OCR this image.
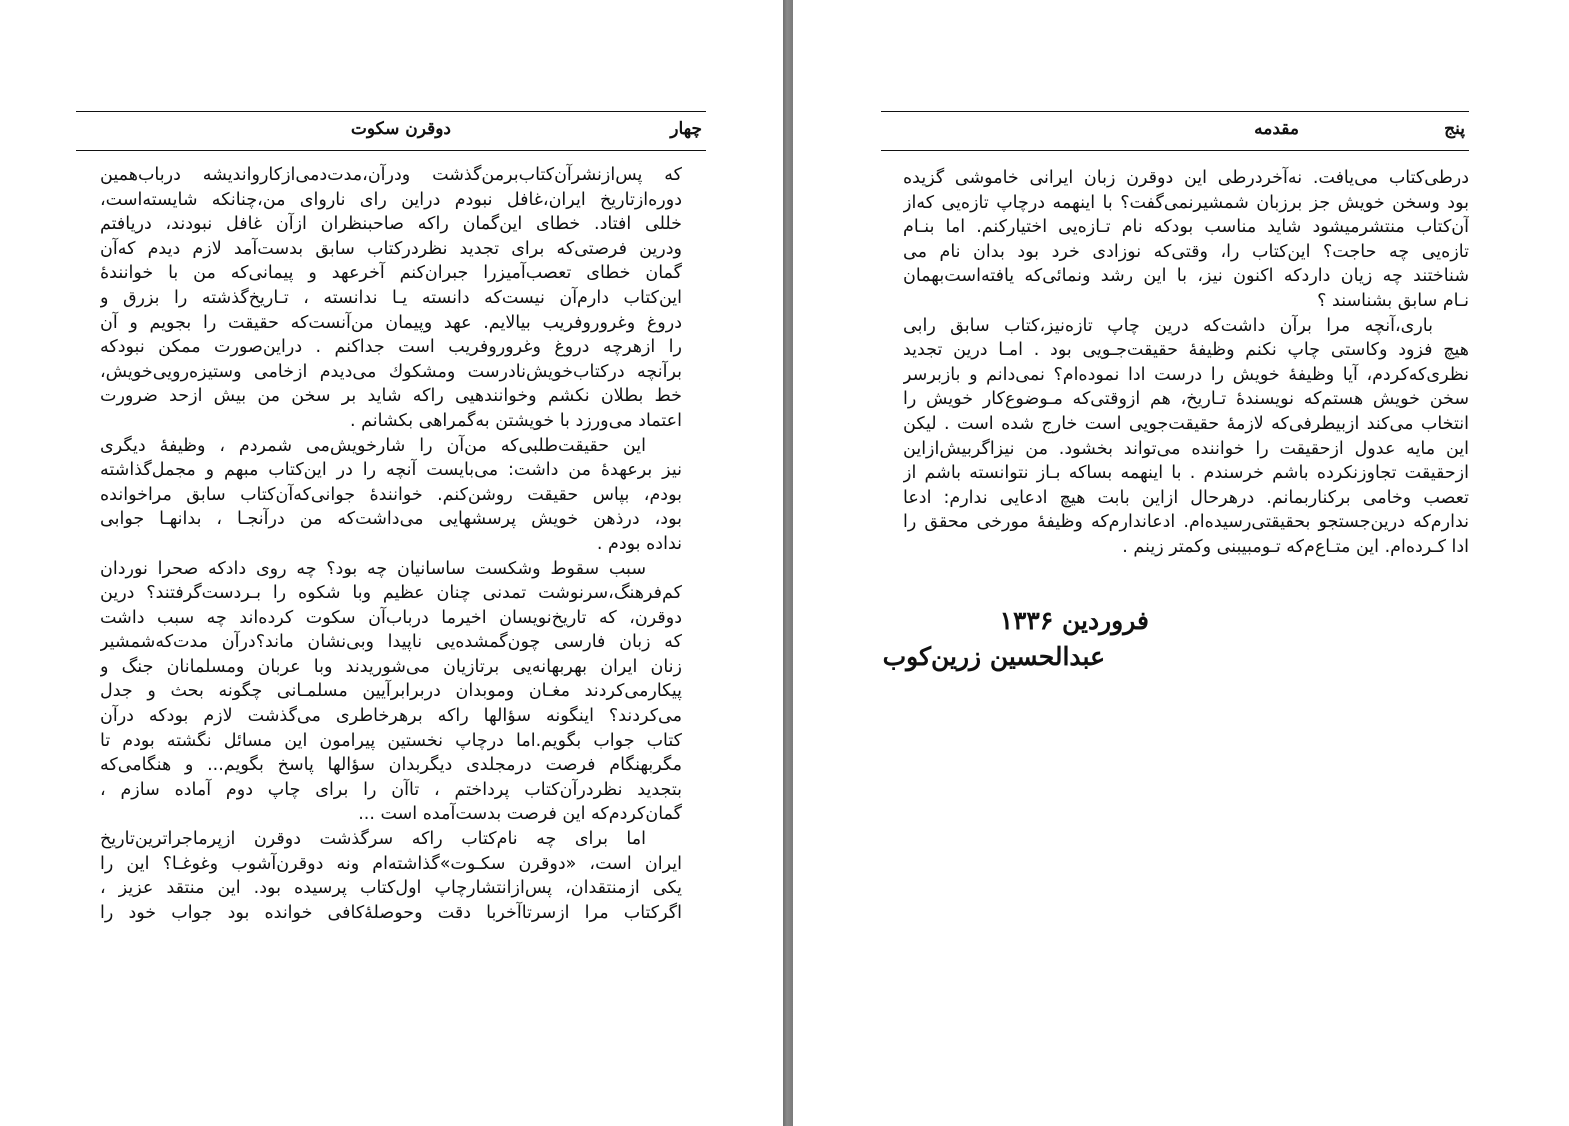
چهار
دوقرن سکوت
که پس‌ازنشرآن‌کتاب‌برمن‌گذشت ودرآن،مدت‌دمی‌ازکاروانديشه درباب‌همین
دوره‌ازتاریخ ایران،غافل نبودم دراین رای ناروای من،چنانکه شایسته‌است،
خللی افتاد. خطای این‌گمان راکه صاحبنظران ازآن غافل نبودند، دریافتم
ودرین فرصتی‌که برای تجدید نظردرکتاب سابق بدست‌آمد لازم دیدم که‌آن
گمان خطای تعصب‌آمیزرا جبران‌کنم آخرعهد و پیمانی‌که من با خوانندهٔ
این‌کتاب دارم‌آن نیست‌که دانسته یـا ندانسته ، تـاریخ‌گذشته را بزرق و
دروغ وغروروفریب بیالایم. عهد وپیمان من‌آنست‌که حقیقت را بجویم و آن
را ازهرچه دروغ وغروروفریب است جداکنم . دراین‌صورت ممکن نبودکه
برآنچه درکتاب‌خویش‌نادرست ومشکوك می‌دیدم ازخامی وستیزه‌رویی‌خویش،
خط بطلان نکشم وخوانندهیی راکه شاید بر سخن من بیش ازحد ضرورت
اعتماد می‌ورزد با خویشتن به‌گمراهی بکشانم .
این حقیقت‌طلبی‌که من‌آن را شارخویش‌می شمردم ، وظیفهٔ دیگری
نیز برعهدهٔ من داشت: می‌بایست آنچه را در این‌کتاب مبهم و مجمل‌گذاشته
بودم، بپاس حقیقت روشن‌کنم. خوانندهٔ جوانی‌که‌آن‌کتاب سابق مراخوانده
بود، درذهن خویش پرسشهایی می‌داشت‌که من درآنجـا ، بدانهـا جوابی
نداده بودم .
سبب سقوط وشکست ساسانیان چه بود؟ چه روی دادکه صحرا نوردان
کم‌فرهنگ،سرنوشت تمدنی چنان عظیم وبا شکوه را بـردست‌گرفتند؟ درین
دوقرن، که تاریخ‌نویسان اخیرما درباب‌آن سکوت کرده‌اند چه سبب داشت
که زبان فارسی چون‌گمشده‌یی ناپیدا وبی‌نشان ماند؟درآن مدت‌که‌شمشیر
زنان ایران بهربهانه‌یی برتازیان می‌شوریدند وبا عربان ومسلمانان جنگ و
پیکارمی‌کردند مغـان وموبدان دربرابرآیین مسلمـانی چگونه بحث و جدل
می‌کردند؟ اینگونه سؤالها راکه برهرخاطری می‌گذشت لازم بودکه درآن
کتاب جواب بگویم.اما درچاپ نخستین پیرامون این مسائل نگشته بودم تا
مگربهنگام فرصت درمجلدی دیگربدان سؤالها پاسخ بگویم... و هنگامی‌که
بتجدید نظردرآن‌کتاب پرداختم ، تاآن را برای چاپ دوم آماده سازم ،
گمان‌کردم‌که این فرصت بدست‌آمده است ...
اما برای چه نام‌کتاب راکه سرگذشت دوقرن ازپرماجراترین‌تاریخ
ایران است، «دوقرن سکـوت»گذاشته‌ام ونه دوقرن‌آشوب وغوغـا؟ این را
یکی ازمنتقدان، پس‌ازانتشارچاپ اول‌کتاب پرسیده بود. این منتقد عزیز ،
اگرکتاب مرا ازسرتاآخربا دقت وحوصلهٔ‌کافی خوانده بود جواب خود را
پنج
مقدمه
درطی‌کتاب می‌یافت. نه‌آخردرطی این دوقرن زبان ایرانی خاموشی گزیده
بود وسخن خویش جز برزبان شمشیرنمی‌گفت؟ با اینهمه درچاپ تازه‌یی که‌از
آن‌کتاب منتشرمیشود شاید مناسب بودکه نام تـازه‌یی اختیارکنم. اما بنـام
تازه‌یی چه حاجت؟ این‌کتاب را، وقتی‌که نوزادی خرد بود بدان نام می‌
شناختند چه زیان داردکه اکنون نیز، با این رشد ونمائی‌که یافته‌است‌بهمان
نـام سابق بشناسند ؟
باری،آنچه مرا برآن داشت‌که درین چاپ تازه‌نیز،کتاب سابق رابی
هیچ فزود وکاستی چاپ نکنم وظیفهٔ حقیقت‌جـویی بود . امـا درین تجدید
نظری‌که‌کردم، آیا وظیفهٔ خویش را درست ادا نموده‌ام؟ نمی‌دانم و بازبرسر
سخن خویش هستم‌که نویسندهٔ تـاریخ، هم ازوقتی‌که مـوضوع‌کار خویش را
انتخاب می‌کند ازبیطرفی‌که لازمهٔ حقیقت‌جویی است خارج شده است . لیکن
این مایه عدول ازحقیقت را خواننده می‌تواند بخشود. من نیزاگربیش‌ازاین
ازحقیقت تجاوزنکرده باشم خرسندم . با اینهمه بساکه بـاز نتوانسته باشم از
تعصب وخامی برکناربمانم. درهرحال ازاین بابت هیچ ادعایی ندارم: ادعا
ندارم‌که درین‌جستجو بحقیقتی‌رسیده‌ام. ادعاندارم‌که وظیفهٔ مورخی محقق را
ادا کـرده‌ام. این متـاع‌م‌که تـومبیبنی وکمتر زینم .
فروردین ۱۳۳۶
عبدالحسین زرین‌کوب
